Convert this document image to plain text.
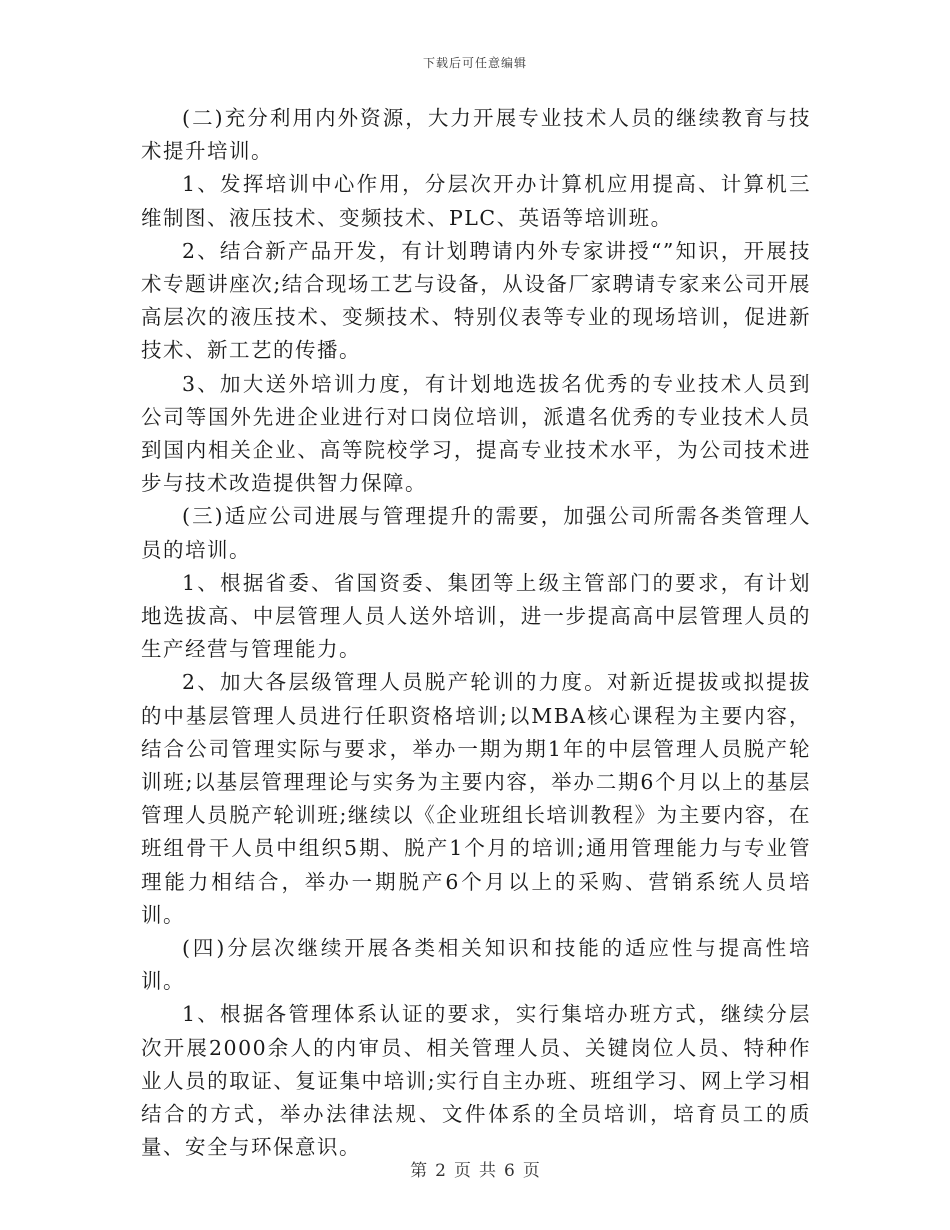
下载后可任意编辑

(二)充分利用内外资源，大力开展专业技术人员的继续教育与技术提升培训。

1、发挥培训中心作用，分层次开办计算机应用提高、计算机三维制图、液压技术、变频技术、PLC、英语等培训班。

2、结合新产品开发，有计划聘请内外专家讲授“”知识，开展技术专题讲座次;结合现场工艺与设备，从设备厂家聘请专家来公司开展高层次的液压技术、变频技术、特别仪表等专业的现场培训，促进新技术、新工艺的传播。

3、加大送外培训力度，有计划地选拔名优秀的专业技术人员到公司等国外先进企业进行对口岗位培训，派遣名优秀的专业技术人员到国内相关企业、高等院校学习，提高专业技术水平，为公司技术进步与技术改造提供智力保障。

(三)适应公司进展与管理提升的需要，加强公司所需各类管理人员的培训。

1、根据省委、省国资委、集团等上级主管部门的要求，有计划地选拔高、中层管理人员人送外培训，进一步提高高中层管理人员的生产经营与管理能力。

2、加大各层级管理人员脱产轮训的力度。对新近提拔或拟提拔的中基层管理人员进行任职资格培训;以MBA核心课程为主要内容，结合公司管理实际与要求，举办一期为期1年的中层管理人员脱产轮训班;以基层管理理论与实务为主要内容，举办二期6个月以上的基层管理人员脱产轮训班;继续以《企业班组长培训教程》为主要内容，在班组骨干人员中组织5期、脱产1个月的培训;通用管理能力与专业管理能力相结合，举办一期脱产6个月以上的采购、营销系统人员培训。

(四)分层次继续开展各类相关知识和技能的适应性与提高性培训。

1、根据各管理体系认证的要求，实行集培办班方式，继续分层次开展2000余人的内审员、相关管理人员、关键岗位人员、特种作业人员的取证、复证集中培训;实行自主办班、班组学习、网上学习相结合的方式，举办法律法规、文件体系的全员培训，培育员工的质量、安全与环保意识。

第 2 页 共 6 页
